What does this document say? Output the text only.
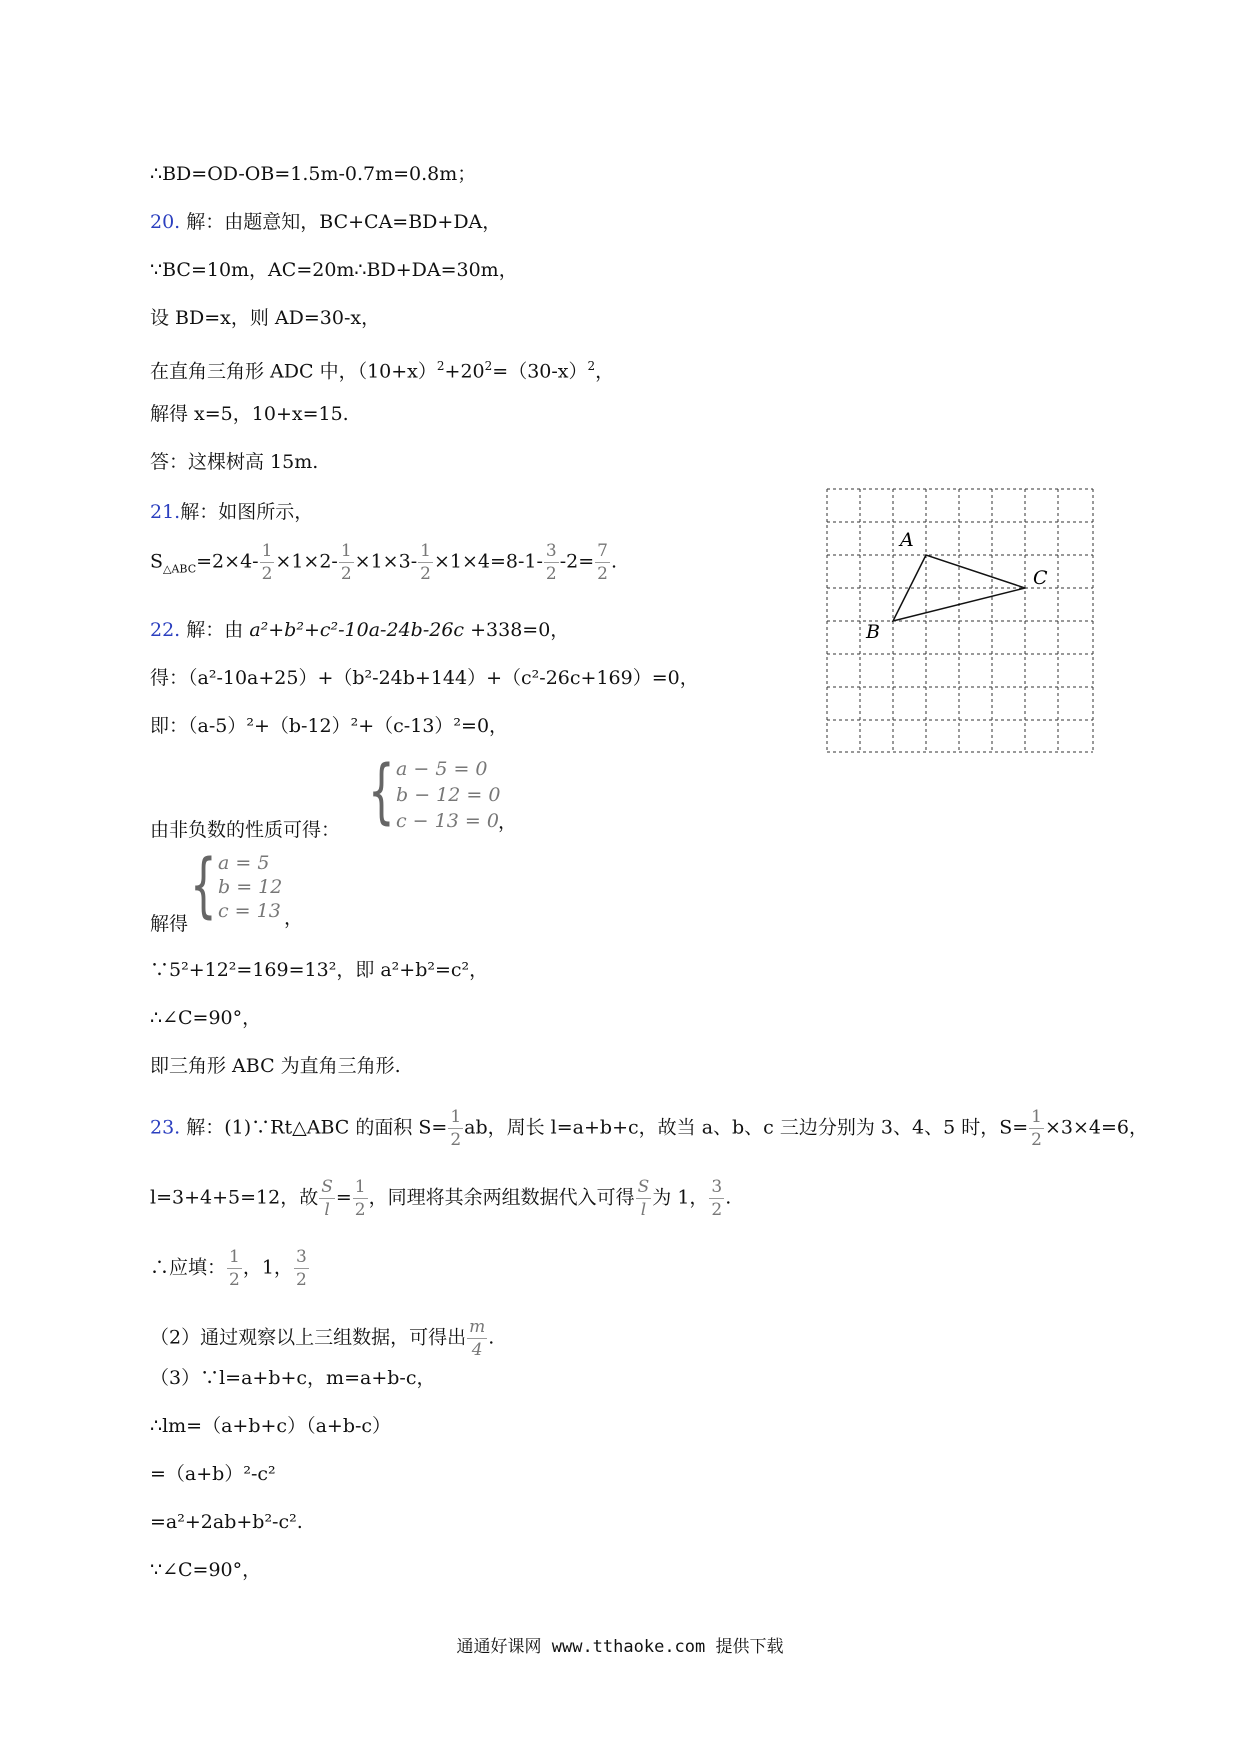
∴BD=OD-OB=1.5m-0.7m=0.8m；
20. 解：由题意知，BC+CA=BD+DA，
∵BC=10m，AC=20m∴BD+DA=30m，
设 BD=x，则 AD=30-x，
在直角三角形 ADC 中，$(10+x)^2+20^2=(30-x)^2$，
解得 x=5，10+x=15.
答：这棵树高 15m.
21.解：如图所示，
$S_{\triangle ABC}=2\times 4- \frac{1}{2} \times 1\times 2- \frac{1}{2} \times 1\times 3- \frac{1}{2} \times 1\times 4=8-1- \frac{3}{2} -2= \frac{7}{2}$ .
A
B
C
22. 解：由 a²+b²+c²-10a-24b-26c +338=0，
得：（a²-10a+25）+（b²-24b+144）+（c²-26c+169）=0，
即：（a-5）²+（b-12）²+（c-13）²=0，
{ a − 5 = 0
b − 12 = 0
c − 13 = 0
由非负数的性质可得：	，
{ a = 5
b = 12
c = 13
解得	，
∵5²+12²=169=13²，即 a²+b²=c²，
∴∠C=90°，
即三角形 ABC 为直角三角形.
23. 解：(1)∵Rt△ABC 的面积 $S= \frac{1}{2}$ ab，周长 l=a+b+c，故当 a、b、c 三边分别为 3、4、5 时，$S= \frac{1}{2} \times 3\times 4=6$，
l=3+4+5=12，故 $\frac{S}{l} = \frac{1}{2}$ ，同理将其余两组数据代入可得 $\frac{S}{l}$ 为 1， $\frac{3}{2}$ .
∴应填： $\frac{1}{2}$ ，1， $\frac{3}{2}$
（2）通过观察以上三组数据，可得出 $\frac{m}{4}$ .
（3）∵l=a+b+c，m=a+b-c，
∴lm=（a+b+c）（a+b-c）
=（a+b）²-c²
=a²+2ab+b²-c².
∵∠C=90°，
通通好课网 www.tthaoke.com 提供下载
